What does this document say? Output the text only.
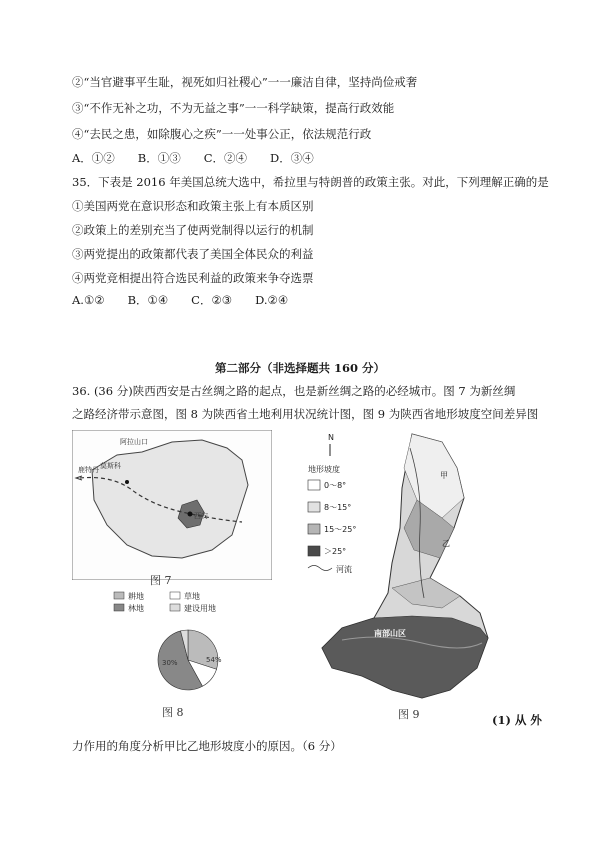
②“当官避事平生耻，视死如归社稷心”一一廉洁自律，坚持尚俭戒奢
③“不作无补之功，不为无益之事”一一科学缺策，提高行政效能
④“去民之患，如除腹心之疾”一一处事公正，依法规范行政
A．①②　　B．①③　　C．②④　　D．③④
35．下表是 2016 年美国总统大选中，希拉里与特朗普的政策主张。对此，下列理解正确的是
①美国两党在意识形态和政策主张上有本质区别
②政策上的差别充当了使两党制得以运行的机制
③两党提出的政策都代表了美国全体民众的利益
④两党竞相提出符合选民利益的政策来争夺选票
A.①②　　B．①④　　C．②③　　D.②④
第二部分（非选择题共 160 分）
36. (36 分)陕西西安是古丝绸之路的起点，也是新丝绸之路的必经城市。图 7 为新丝绸
之路经济带示意图，图 8 为陕西省土地利用状况统计图，图 9 为陕西省地形坡度空间差异图
阿拉山口
鹿特丹 莫斯科
西安
图 7
耕地	草地
林地	建设用地
30%	54%
图 8
N
地形坡度
0～8°
8～15°
15～25°
＞25°
河流
甲
乙
南部山区
图 9	(1) 从 外
力作用的角度分析甲比乙地形坡度小的原因。（6 分）
